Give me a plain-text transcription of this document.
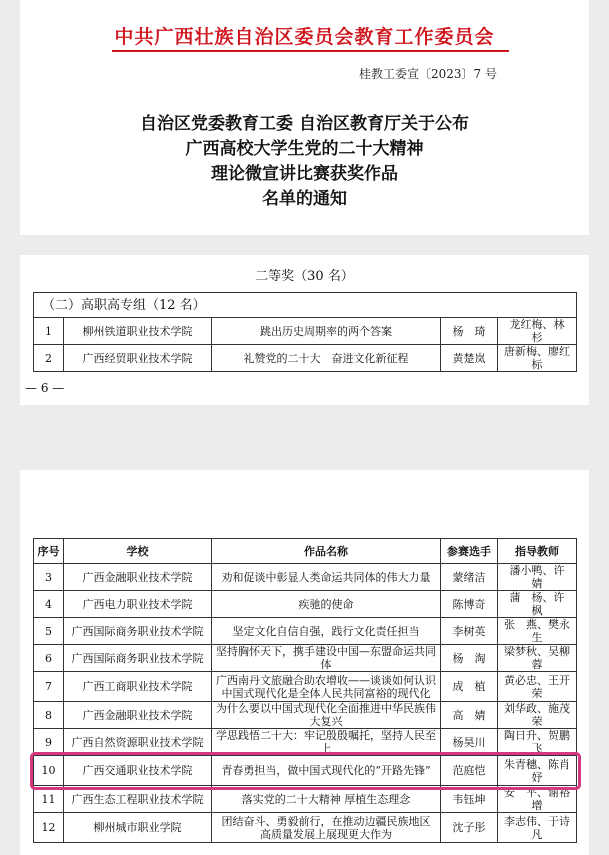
中共广西壮族自治区委员会教育工作委员会
桂教工委宣〔2023〕7 号
自治区党委教育工委 自治区教育厅关于公布
广西高校大学生党的二十大精神
理论微宣讲比赛获奖作品
名单的通知
二等奖（30 名）
（二）高职高专组（12 名）				
1	柳州铁道职业技术学院	跳出历史周期率的两个答案	杨　琦	龙红梅、林　杉
2	广西经贸职业技术学院	礼赞党的二十大　奋进文化新征程	黄楚岚	唐新梅、廖红标
— 6 —
序号	学校	作品名称	参赛选手	指导教师
3	广西金融职业技术学院	劝和促谈中彰显人类命运共同体的伟大力量	蒙绪洁	潘小鸭、许　婧
4	广西电力职业技术学院	疾驰的使命	陈博奇	蒲　杨、许　枫
5	广西国际商务职业技术学院	坚定文化自信自强，践行文化责任担当	李树英	张　燕、樊永生
6	广西国际商务职业技术学院	坚持胸怀天下，携手建设中国—东盟命运共同体	杨　淘	梁梦秋、吴柳蓉
7	广西工商职业技术学院	广西南丹文旅融合助农增收——谈谈如何认识
中国式现代化是全体人民共同富裕的现代化	成　植	黄必忠、王开荣
8	广西金融职业技术学院	为什么要以中国式现代化全面推进中华民族伟大复兴	高　婧	刘华政、施茂荣
9	广西自然资源职业技术学院	学思践悟二十大：牢记殷殷嘱托，坚持人民至上	杨昊川	陶日升、贺鹏飞
10	广西交通职业技术学院	青春勇担当，做中国式现代化的“开路先锋”	范庭恺	朱青穗、陈肖妤
11	广西生态工程职业技术学院	落实党的二十大精神 厚植生态理念	韦钰坤	安　平、谢裕增
12	柳州城市职业学院	团结奋斗、勇毅前行，在推动边疆民族地区
高质量发展上展现更大作为	沈子彤	李志伟、于诗凡
